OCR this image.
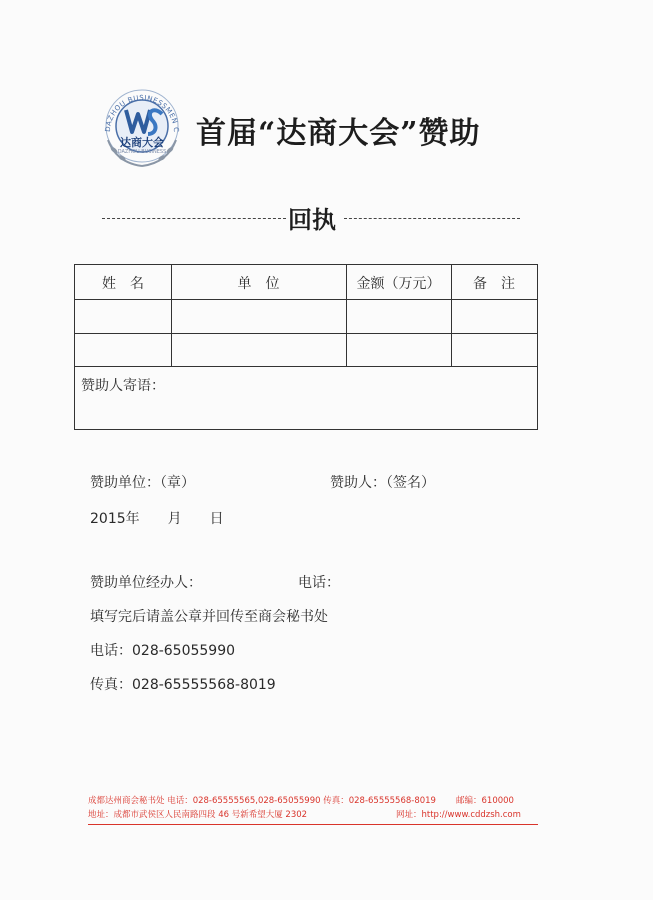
DAZHOU BUSINESSMEN C
达商大会
DAZHOU BUSINESS
首届“达商大会”赞助
回执
姓　名	单　位	金额（万元）	备　注
赞助人寄语：
赞助单位：（章）	赞助人：（签名）
2015年　　月　　日
赞助单位经办人：	电话：
填写完后请盖公章并回传至商会秘书处
电话：028-65055990
传真：028-65555568-8019
成都达州商会秘书处 电话：028-65555565,028-65055990 传真：028-65555568-8019 邮编：610000
地址：成都市武侯区人民南路四段 46 号新希望大厦 2302	网址：http://www.cddzsh.com
